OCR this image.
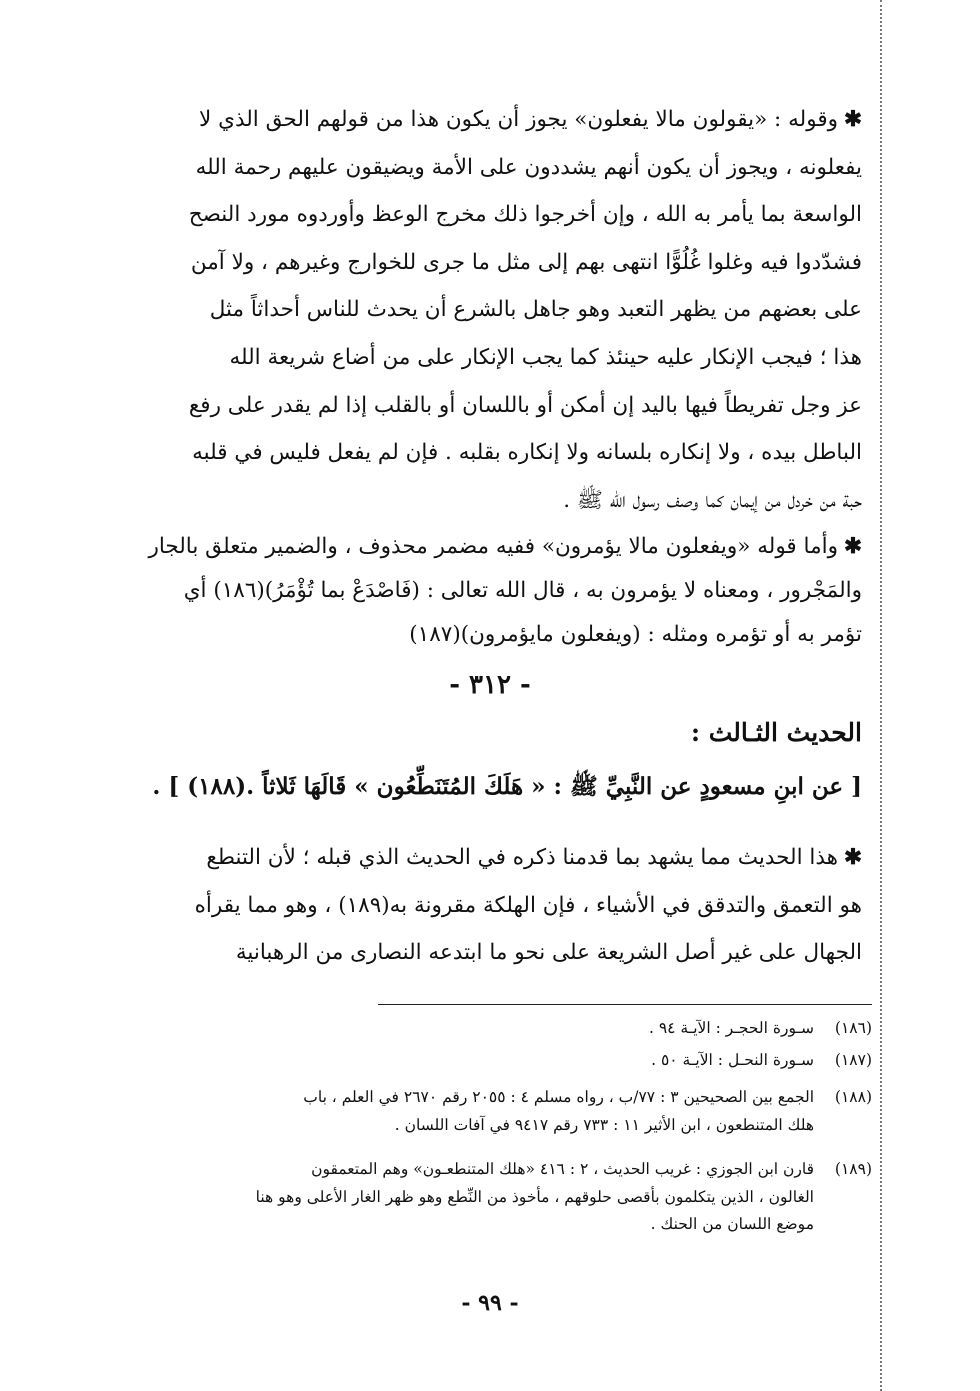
✱وقوله : «يقولون مالا يفعلون» يجوز أن يكون هذا من قولهم الحق الذي لا
يفعلونه ، ويجوز أن يكون أنهم يشددون على الأمة ويضيقون عليهم رحمة الله
الواسعة بما يأمر به الله ، وإن أخرجوا ذلك مخرج الوعظ وأوردوه مورد النصح
فشدّدوا فيه وغلوا غُلُوًّا انتهى بهم إلى مثل ما جرى للخوارج وغيرهم ، ولا آمن
على بعضهم من يظهر التعبد وهو جاهل بالشرع أن يحدث للناس أحداثاً مثل
هذا ؛ فيجب الإنكار عليه حينئذ كما يجب الإنكار على من أضاع شريعة الله
عز وجل تفريطاً فيها باليد إن أمكن أو باللسان أو بالقلب إذا لم يقدر على رفع
الباطل بيده ، ولا إنكاره بلسانه ولا إنكاره بقلبه . فإن لم يفعل فليس في قلبه
حبة من خردل من إيمان كما وصف رسول الله ﷺ .
✱وأما قوله «ويفعلون مالا يؤمرون» ففيه مضمر محذوف ، والضمير متعلق بالجار
والمَجْرور ، ومعناه لا يؤمرون به ، قال الله تعالى : (فَاصْدَعْ بما تُؤْمَرُ)(١٨٦) أي
تؤمر به أو تؤمره ومثله : (ويفعلون مايؤمرون)(١٨٧)
- ٣١٢ -
الحديث الثـالث :
[ عن ابنِ مسعودٍ عن النَّبِيِّ ﷺ : « هَلَكَ المُتَنَطِّعُون » قَالَهَا ثَلاثاً .(١٨٨) ] .
✱هذا الحديث مما يشهد بما قدمنا ذكره في الحديث الذي قبله ؛ لأن التنطع
هو التعمق والتدقق في الأشياء ، فإن الهلكة مقرونة به(١٨٩) ، وهو مما يقرأه
الجهال على غير أصل الشريعة على نحو ما ابتدعه النصارى من الرهبانية
(١٨٦)سـورة الحجـر : الآيـة ٩٤ .
(١٨٧)سـورة النحـل : الآيـة ٥٠ .
(١٨٨)الجمع بين الصحيحين ٣ : ٧٧/ب ، رواه مسلم ٤ : ٢٠٥٥ رقم ٢٦٧٠ في العلم ، باب
هلك المتنطعون ، ابن الأثير ١١ : ٧٣٣ رقم ٩٤١٧ في آفات اللسان .
(١٨٩)قارن ابن الجوزي : غريب الحديث ، ٢ : ٤١٦ «هلك المتنطعـون» وهم المتعمقون
الغالون ، الذين يتكلمون بأقصى حلوقهم ، مأخوذ من النِّطع وهو ظهر الغار الأعلى وهو هنا
موضع اللسان من الحنك .
- ٩٩ -
